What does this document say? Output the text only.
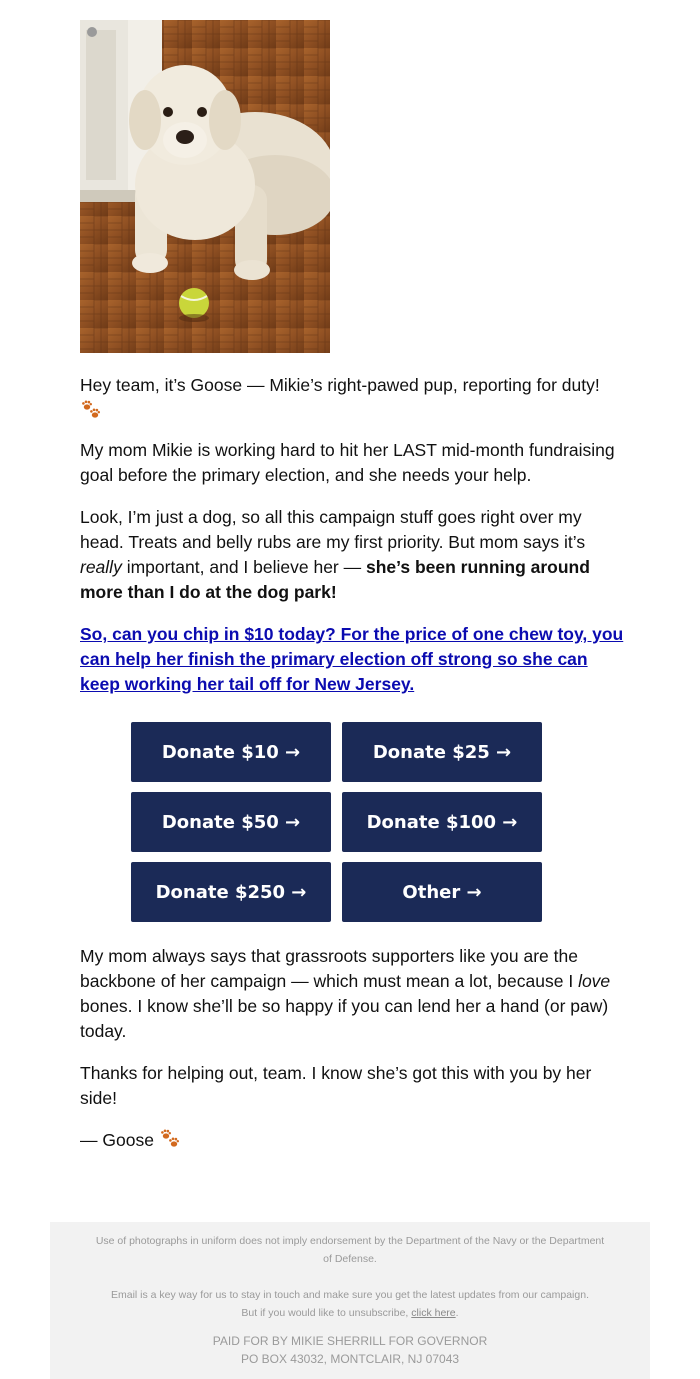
Hey team, it’s Goose — Mikie’s right-pawed pup, reporting for duty!

My mom Mikie is working hard to hit her LAST mid-month fundraising goal before the primary election, and she needs your help.

Look, I’m just a dog, so all this campaign stuff goes right over my head. Treats and belly rubs are my first priority. But mom says it’s really important, and I believe her — she’s been running around more than I do at the dog park!

So, can you chip in $10 today? For the price of one chew toy, you can help her finish the primary election off strong so she can keep working her tail off for New Jersey.

Donate $10 →	Donate $25 →
Donate $50 →	Donate $100 →
Donate $250 →	Other →

My mom always says that grassroots supporters like you are the backbone of her campaign — which must mean a lot, because I love bones. I know she’ll be so happy if you can lend her a hand (or paw) today.

Thanks for helping out, team. I know she’s got this with you by her side!

— Goose

Use of photographs in uniform does not imply endorsement by the Department of the Navy or the Department of Defense.
Email is a key way for us to stay in touch and make sure you get the latest updates from our campaign.
But if you would like to unsubscribe, click here.
PAID FOR BY MIKIE SHERRILL FOR GOVERNOR
PO BOX 43032, MONTCLAIR, NJ 07043
